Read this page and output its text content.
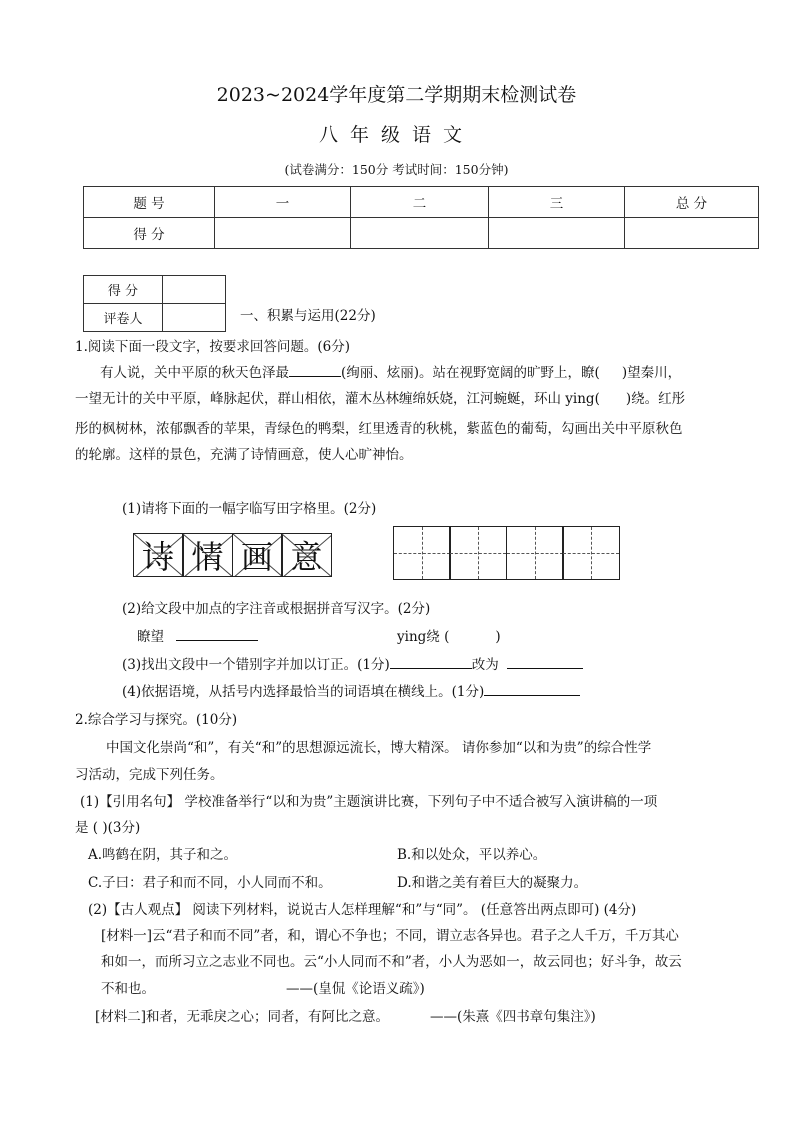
2023~2024学年度第二学期期末检测试卷
八年级语文
(试卷满分：150分 考试时间：150分钟)
题 号	一	二	三	总 分
得 分				
得 分	
评卷人		一、积累与运用(22分)
1.阅读下面一段文字，按要求回答问题。(6分)
有人说，关中平原的秋天色泽最	(绚丽、炫丽)。站在视野宽阔的旷野上，瞭( )望秦川，
一望无计的关中平原，峰脉起伏，群山相依，灌木丛林缠绵妖娆，江河蜿蜒，环山 ying( )绕。红彤
彤的枫树林，浓郁飘香的苹果，青绿色的鸭梨，红里透青的秋桃，紫蓝色的葡萄，勾画出关中平原秋色
的轮廓。这样的景色，充满了诗情画意，使人心旷神怡。
(1)请将下面的一幅字临写田字格里。(2分)
诗 情 画 意
(2)给文段中加点的字注音或根据拼音写汉字。(2分)
瞭望	ying绕 (	)
(3)找出文段中一个错别字并加以订正。(1分)	改为
(4)依据语境，从括号内选择最恰当的词语填在横线上。(1分)
2.综合学习与探究。(10分)
中国文化崇尚“和”，有关“和”的思想源远流长，博大精深。 请你参加“以和为贵”的综合性学
习活动，完成下列任务。
(1)【引用名句】 学校准备举行“以和为贵”主题演讲比赛，下列句子中不适合被写入演讲稿的一项
是 ( )(3分)
A.鸣鹤在阴，其子和之。	B.和以处众，平以养心。
C.子曰：君子和而不同，小人同而不和。	D.和谐之美有着巨大的凝聚力。
(2)【古人观点】 阅读下列材料，说说古人怎样理解“和”与“同”。 (任意答出两点即可) (4分)
[材料一]云“君子和而不同”者，和，谓心不争也；不同，谓立志各异也。君子之人千万，千万其心
和如一，而所习立之志业不同也。云“小人同而不和”者，小人为恶如一，故云同也；好斗争，故云
不和也。	——(皇侃《论语义疏》)
[材料二]和者，无乖戾之心；同者，有阿比之意。	——(朱熹《四书章句集注》)
